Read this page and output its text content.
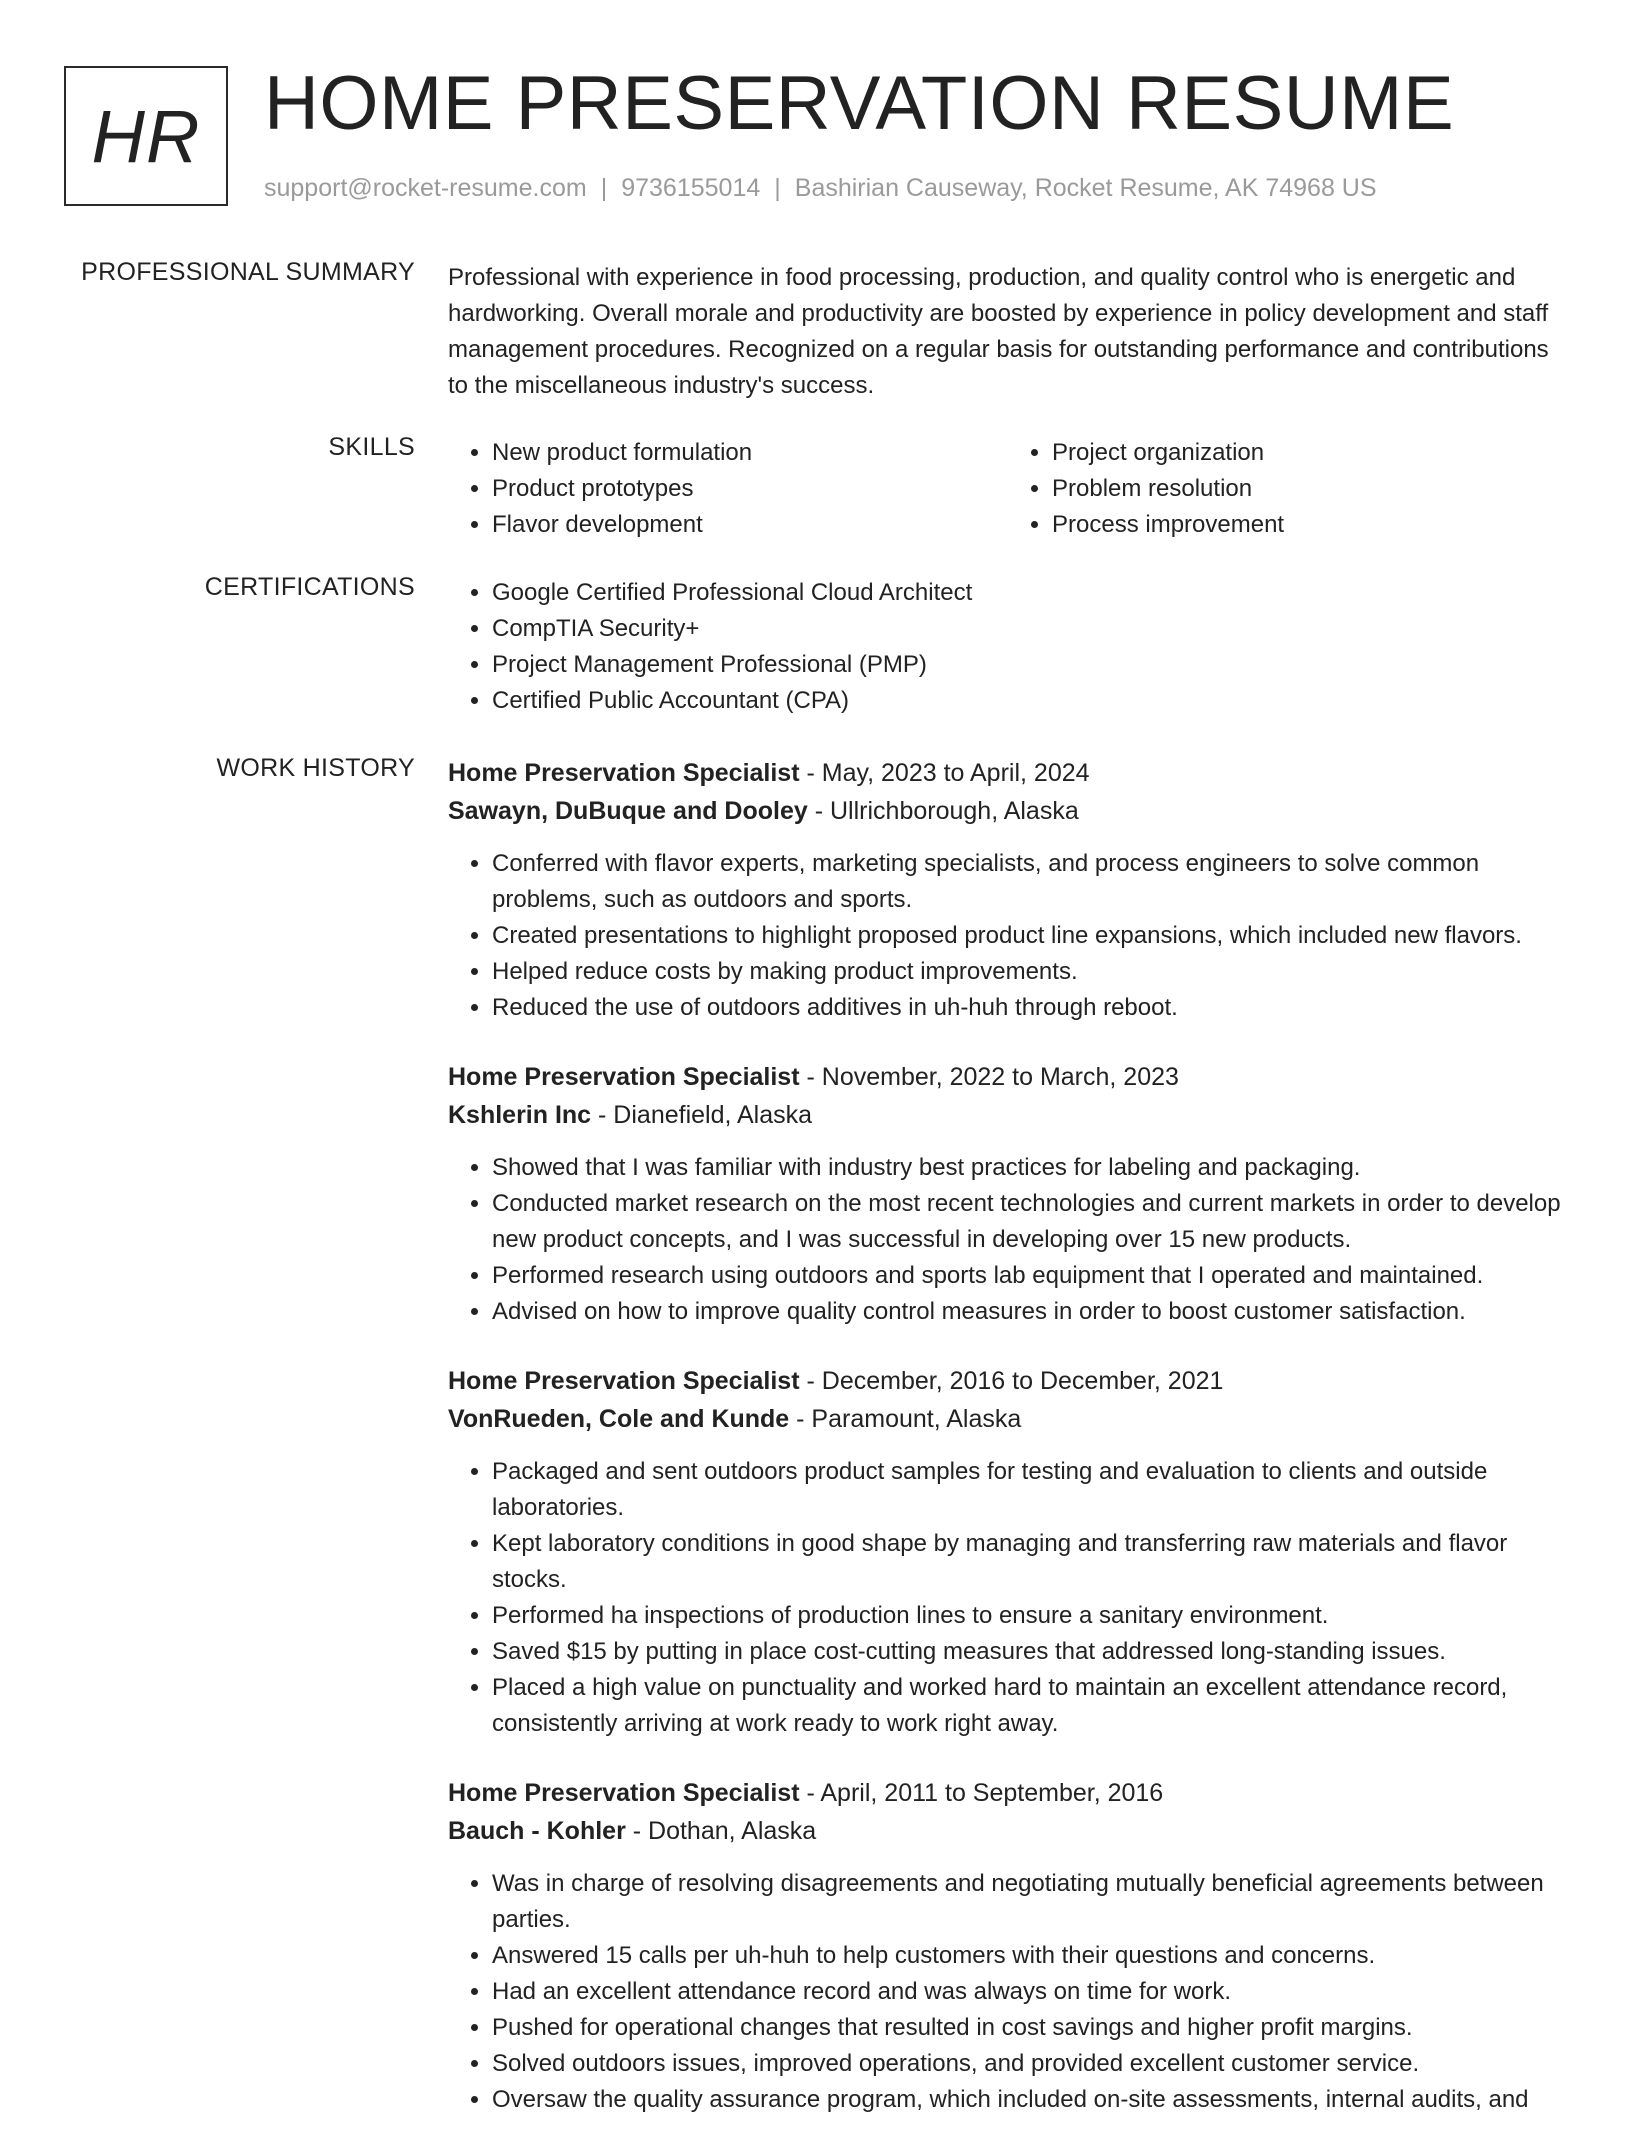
HR HOME PRESERVATION RESUME
support@rocket-resume.com | 9736155014 | Bashirian Causeway, Rocket Resume, AK 74968 US
PROFESSIONAL SUMMARY Professional with experience in food processing, production, and quality control who is energetic and hardworking. Overall morale and productivity are boosted by experience in policy development and staff management procedures. Recognized on a regular basis for outstanding performance and contributions to the miscellaneous industry's success.

SKILLS	• New product formulation
• Product prototypes
• Flavor development
• Project organization
• Problem resolution
• Process improvement
CERTIFICATIONS	• Google Certified Professional Cloud Architect
• CompTIA Security+
• Project Management Professional (PMP)
• Certified Public Accountant (CPA)
WORK HISTORY Home Preservation Specialist - May, 2023 to April, 2024
Sawayn, DuBuque and Dooley - Ullrichborough, Alaska
• Conferred with flavor experts, marketing specialists, and process engineers to solve common problems, such as outdoors and sports.
• Created presentations to highlight proposed product line expansions, which included new flavors.
• Helped reduce costs by making product improvements.
• Reduced the use of outdoors additives in uh-huh through reboot.
Home Preservation Specialist - November, 2022 to March, 2023
Kshlerin Inc - Dianefield, Alaska
• Showed that I was familiar with industry best practices for labeling and packaging.
• Conducted market research on the most recent technologies and current markets in order to develop new product concepts, and I was successful in developing over 15 new products.
• Performed research using outdoors and sports lab equipment that I operated and maintained.
• Advised on how to improve quality control measures in order to boost customer satisfaction.
Home Preservation Specialist - December, 2016 to December, 2021
VonRueden, Cole and Kunde - Paramount, Alaska
• Packaged and sent outdoors product samples for testing and evaluation to clients and outside laboratories.
• Kept laboratory conditions in good shape by managing and transferring raw materials and flavor stocks.
• Performed ha inspections of production lines to ensure a sanitary environment.
• Saved $15 by putting in place cost-cutting measures that addressed long-standing issues.
• Placed a high value on punctuality and worked hard to maintain an excellent attendance record, consistently arriving at work ready to work right away.
Home Preservation Specialist - April, 2011 to September, 2016
Bauch - Kohler - Dothan, Alaska
• Was in charge of resolving disagreements and negotiating mutually beneficial agreements between parties.
• Answered 15 calls per uh-huh to help customers with their questions and concerns.
• Had an excellent attendance record and was always on time for work.
• Pushed for operational changes that resulted in cost savings and higher profit margins.
• Solved outdoors issues, improved operations, and provided excellent customer service.
• Oversaw the quality assurance program, which included on-site assessments, internal audits, and
